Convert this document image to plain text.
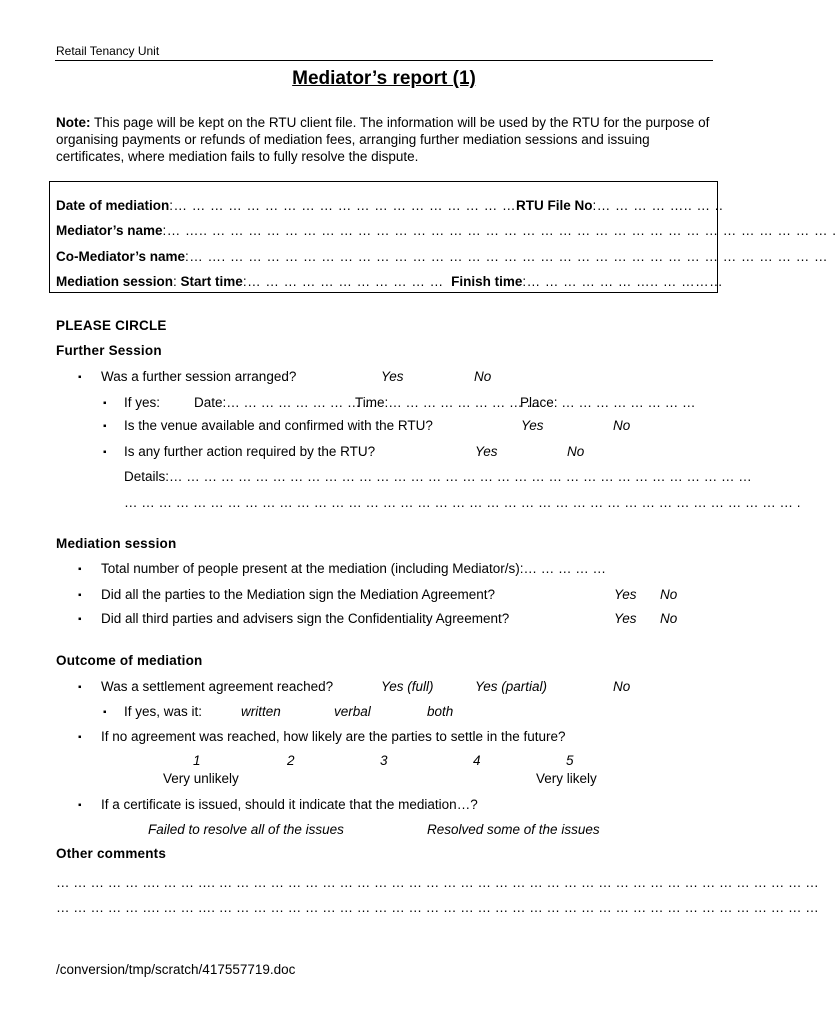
Retail Tenancy Unit
Mediator’s report (1)
Note: This page will be kept on the RTU client file. The information will be used by the RTU for the purpose of organising payments or refunds of mediation fees, arranging further mediation sessions and issuing certificates, where mediation fails to fully resolve the dispute.
Date of mediation:… … … … … … … … … … … … … … … … … … …RTU File No:… … … … ….. … ..
Mediator’s name:… ….. … … … … … … … … … … … … … … … … … … … … … … … … … … … … … … … … … … .
Co-Mediator’s name:… …. … … … … … … … … … … … … … … … … … … … … … … … … … … … … … … … … …
Mediation session: Start time:… … … … … … … … … … … Finish time:… … … … … … ….. … ………
PLEASE CIRCLE
Further Session
▪ Was a further session arranged?	Yes	No
▪ If yes:	Date:… … … … … … … … …
Time:… … … … … … … … …
Place: … … … … … … … …
▪ Is the venue available and confirmed with the RTU?	Yes	No
▪ Is any further action required by the RTU?	Yes	No
Details:… … … … … … … … … … … … … … … … … … … … … … … … … … … … … … … … … …
… … … … … … … … … … … … … … … … … … … … … … … … … … … … … … … … … … … … … … … .
Mediation session
▪ Total number of people present at the mediation (including Mediator/s):… … … … …
▪ Did all the parties to the Mediation sign the Mediation Agreement?	Yes No
▪ Did all third parties and advisers sign the Confidentiality Agreement?	Yes No
Outcome of mediation
▪ Was a settlement agreement reached?	Yes (full)	Yes (partial)	No
▪ If yes, was it:	written	verbal	both
▪ If no agreement was reached, how likely are the parties to settle in the future?
1	2	3	4	5
Very unlikely	Very likely
▪ If a certificate is issued, should it indicate that the mediation…?
Failed to resolve all of the issues	Resolved some of the issues
Other comments
… … … … … …. … … …. … … … … … … … … … … … … … … … … … … … … … … … … … … … … … … … … … … …
… … … … … …. … … …. … … … … … … … … … … … … … … … … … … … … … … … … … … … … … … … … … … …
/conversion/tmp/scratch/417557719.doc
